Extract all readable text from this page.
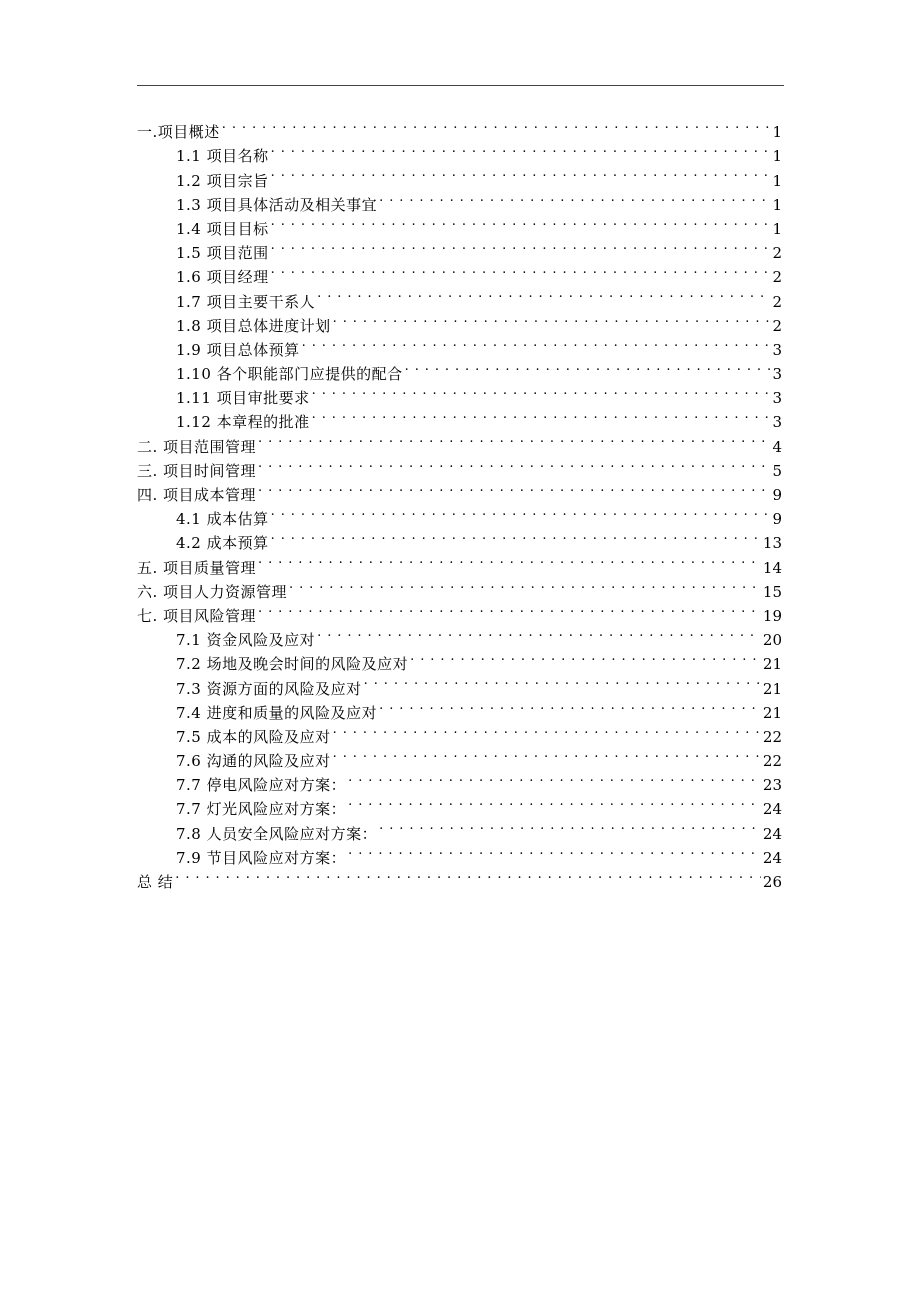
一.项目概述 . . .	1
1.1 项目名称 . . .	1
1.2 项目宗旨 . . .	1
1.3 项目具体活动及相关事宜 . . .	1
1.4 项目目标 . . .	1
1.5 项目范围 . . .	2
1.6 项目经理 . . .	2
1.7 项目主要干系人 . . .	2
1.8 项目总体进度计划 . . .	2
1.9 项目总体预算 . . .	3
1.10 各个职能部门应提供的配合 . . .	3
1.11 项目审批要求 . . .	3
1.12 本章程的批准 . . .	3
二. 项目范围管理 . . .	4
三. 项目时间管理 . . .	5
四. 项目成本管理 . . .	9
4.1 成本估算 . . .	9
4.2 成本预算 . . .	13
五. 项目质量管理 . . .	14
六. 项目人力资源管理 . . .	15
七. 项目风险管理 . . .	19
7.1 资金风险及应对 . . .	20
7.2 场地及晚会时间的风险及应对 . . .	21
7.3 资源方面的风险及应对 . . .	21
7.4 进度和质量的风险及应对 . . .	21
7.5 成本的风险及应对 . . .	22
7.6 沟通的风险及应对 . . .	22
7.7 停电风险应对方案： . . .	23
7.7 灯光风险应对方案： . . .	24
7.8 人员安全风险应对方案： . . .	24
7.9 节目风险应对方案： . . .	24
总 结 . . .	26
